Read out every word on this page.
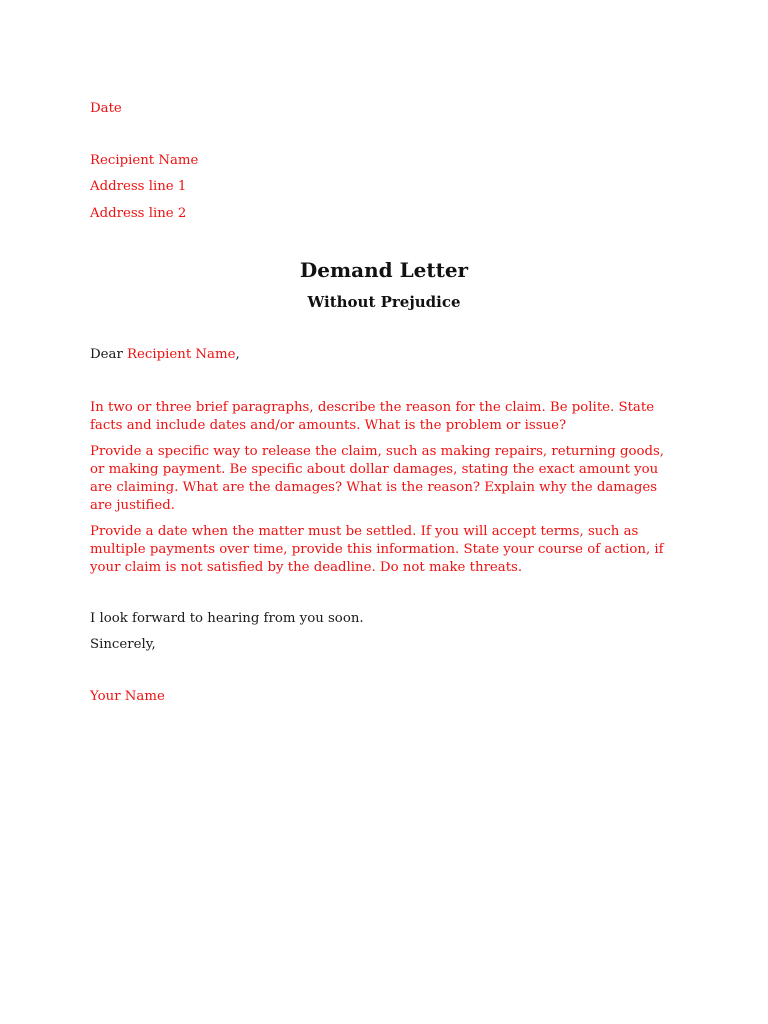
Date
Recipient Name
Address line 1
Address line 2
Demand Letter
Without Prejudice
Dear Recipient Name,
In two or three brief paragraphs, describe the reason for the claim. Be polite. State facts and include dates and/or amounts. What is the problem or issue?
Provide a specific way to release the claim, such as making repairs, returning goods, or making payment. Be specific about dollar damages, stating the exact amount you are claiming. What are the damages? What is the reason? Explain why the damages are justified.
Provide a date when the matter must be settled. If you will accept terms, such as multiple payments over time, provide this information. State your course of action, if your claim is not satisfied by the deadline. Do not make threats.
I look forward to hearing from you soon.
Sincerely,
Your Name
